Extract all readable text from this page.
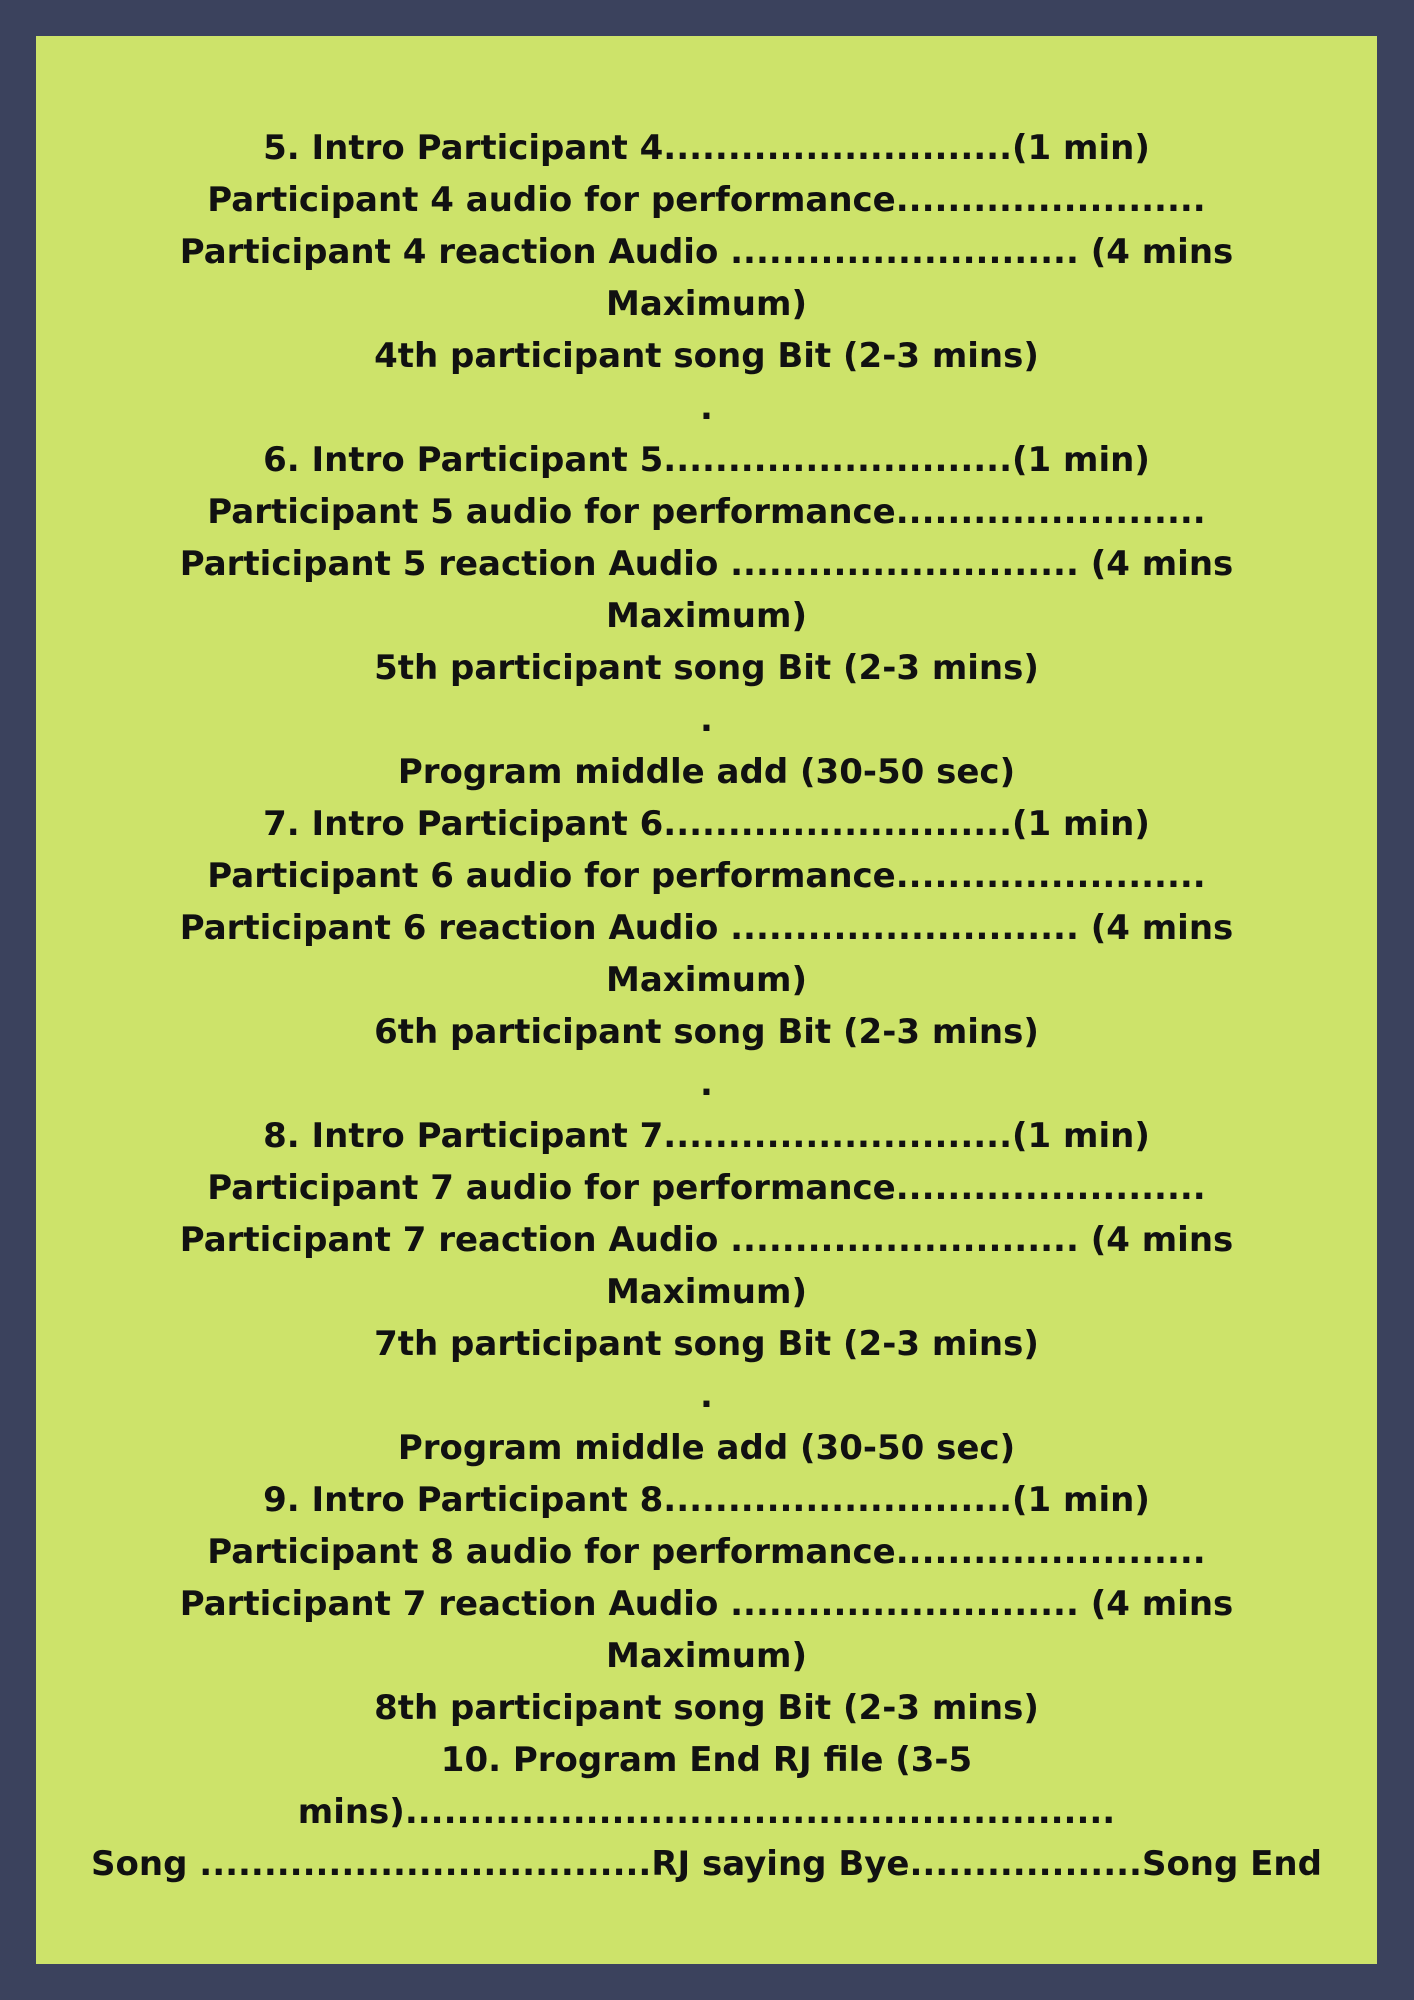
5. Intro Participant 4...........................(1 min)
Participant 4 audio for performance........................
Participant 4 reaction Audio ........................... (4 mins
Maximum)
4th participant song Bit (2-3 mins)
.
6. Intro Participant 5...........................(1 min)
Participant 5 audio for performance........................
Participant 5 reaction Audio ........................... (4 mins
Maximum)
5th participant song Bit (2-3 mins)
.
Program middle add (30-50 sec)
7. Intro Participant 6...........................(1 min)
Participant 6 audio for performance........................
Participant 6 reaction Audio ........................... (4 mins
Maximum)
6th participant song Bit (2-3 mins)
.
8. Intro Participant 7...........................(1 min)
Participant 7 audio for performance........................
Participant 7 reaction Audio ........................... (4 mins
Maximum)
7th participant song Bit (2-3 mins)
.
Program middle add (30-50 sec)
9. Intro Participant 8...........................(1 min)
Participant 8 audio for performance........................
Participant 7 reaction Audio ........................... (4 mins
Maximum)
8th participant song Bit (2-3 mins)
10. Program End RJ file (3-5
mins).......................................................
Song ...................................RJ saying Bye..................Song End
